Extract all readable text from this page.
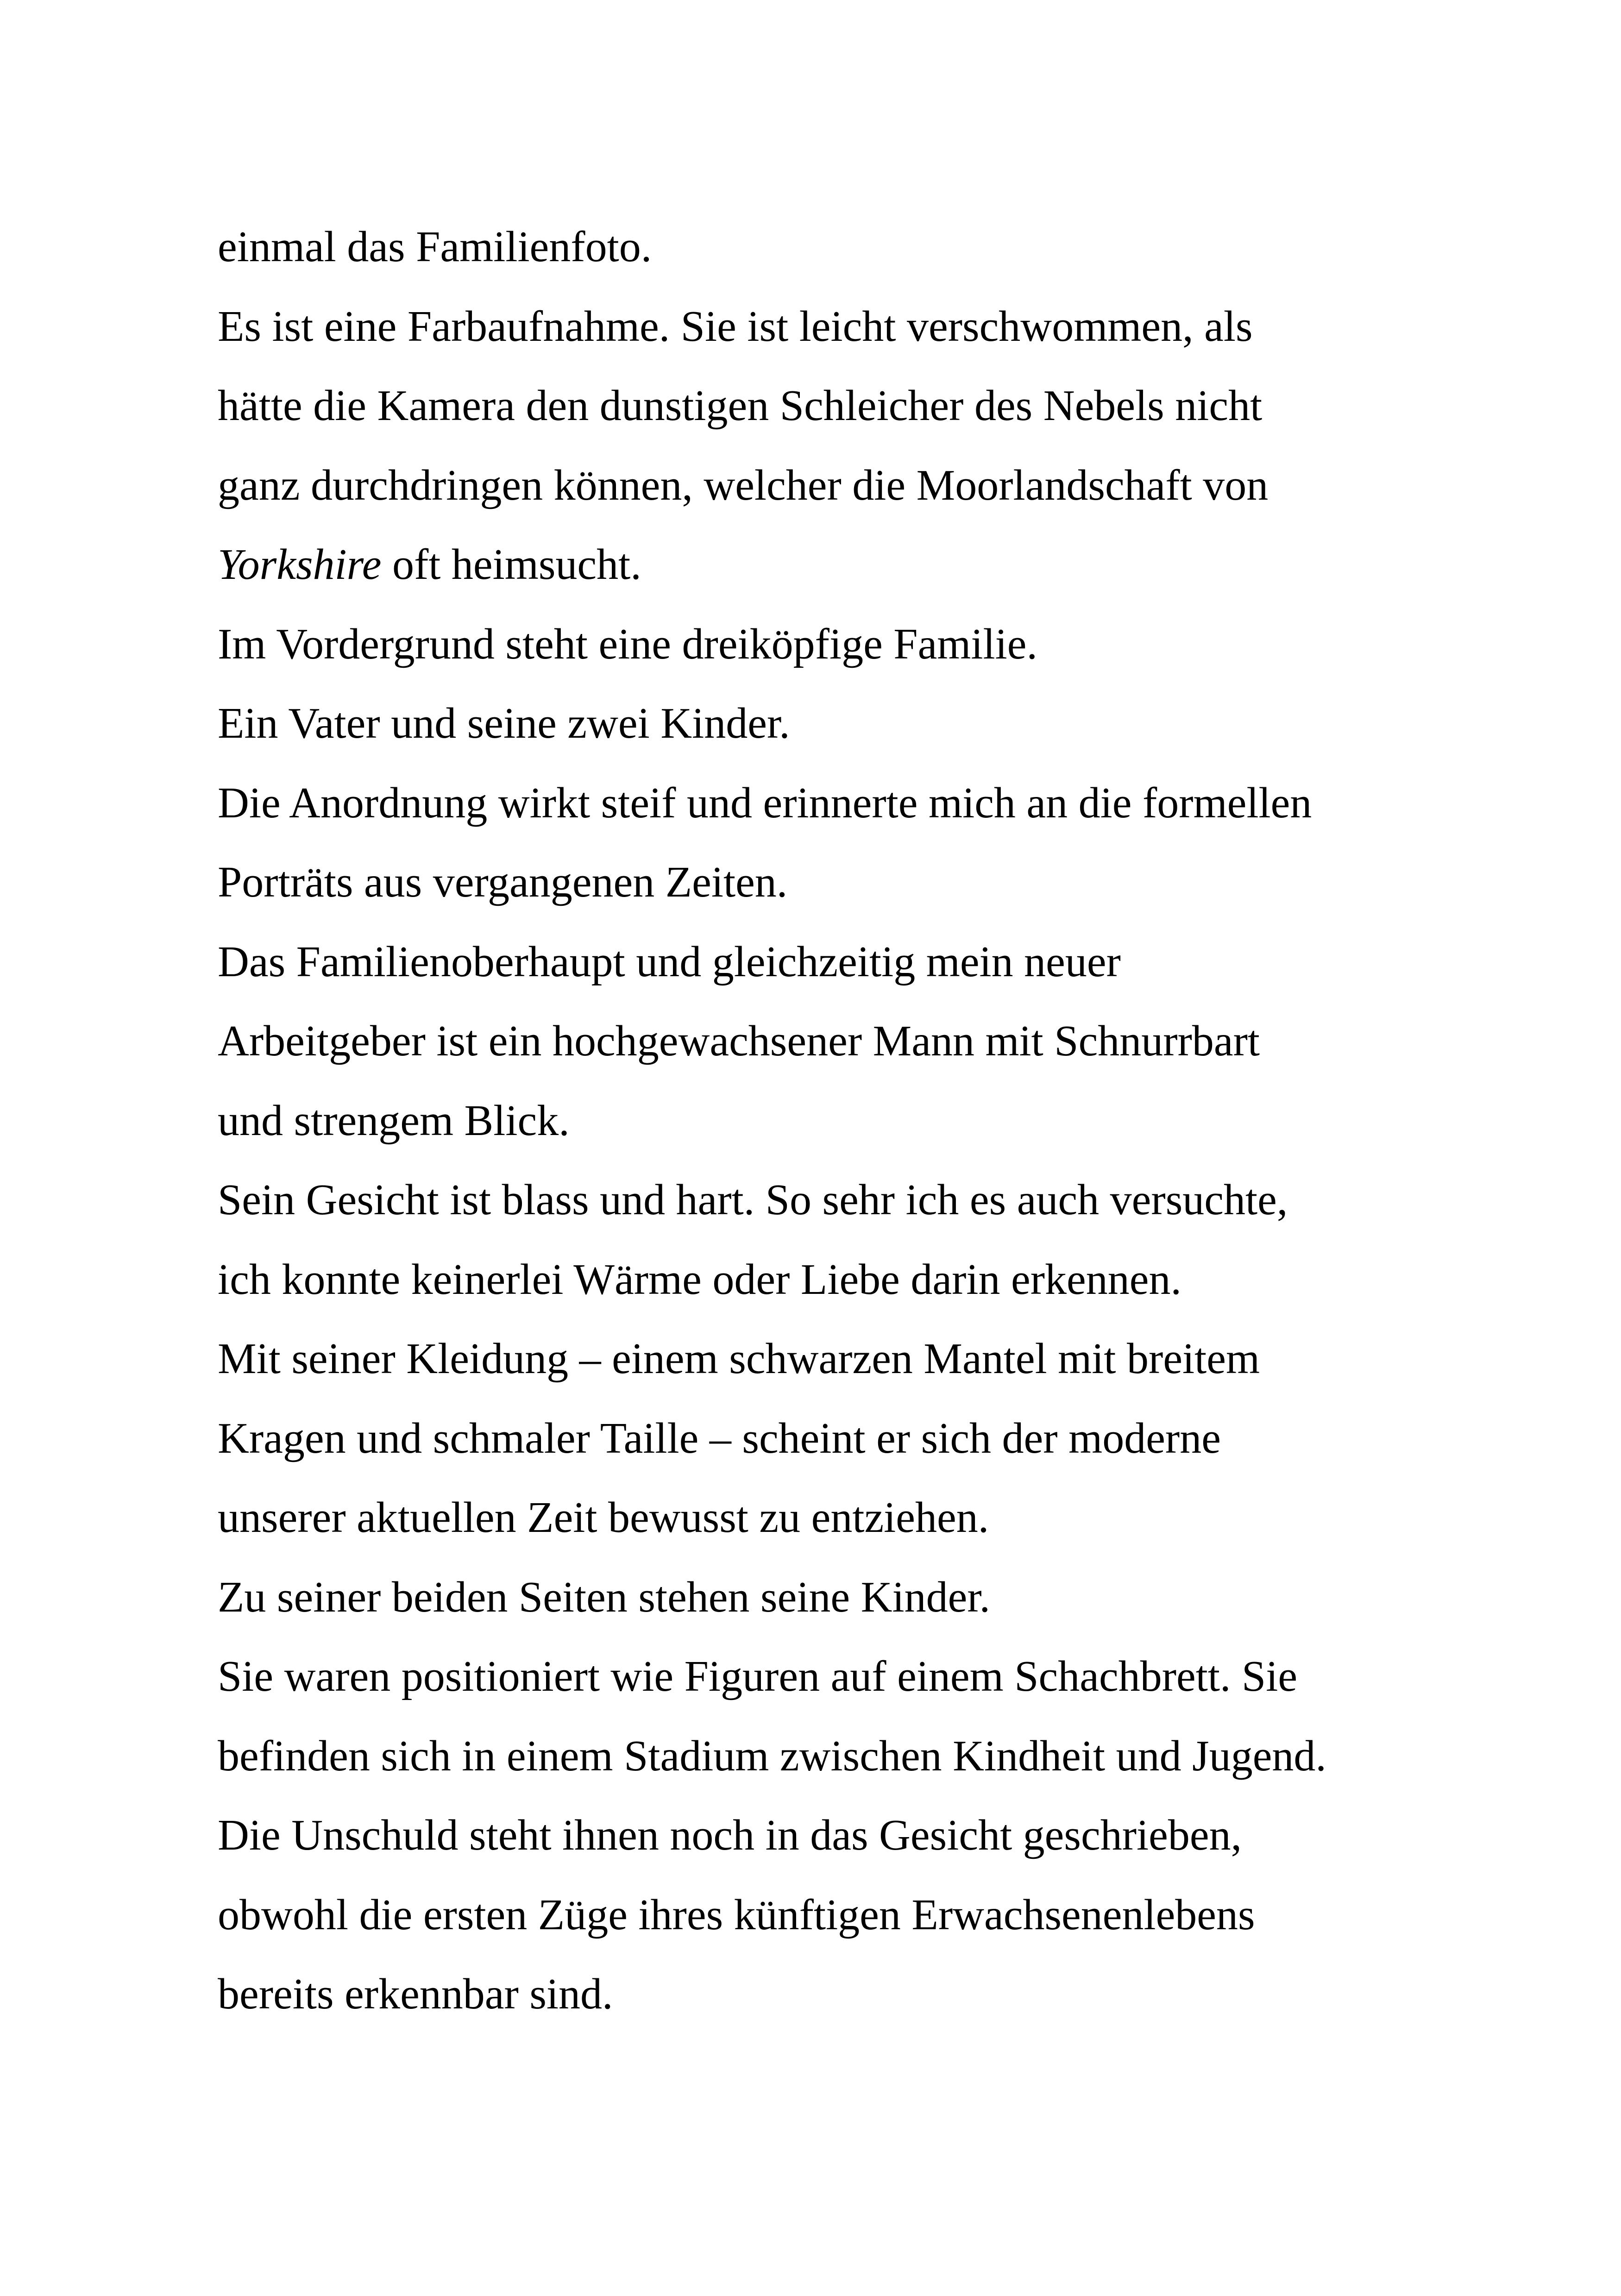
einmal das Familienfoto.
Es ist eine Farbaufnahme. Sie ist leicht verschwommen, als
hätte die Kamera den dunstigen Schleicher des Nebels nicht
ganz durchdringen können, welcher die Moorlandschaft von
Yorkshire oft heimsucht.
Im Vordergrund steht eine dreiköpfige Familie.
Ein Vater und seine zwei Kinder.
Die Anordnung wirkt steif und erinnerte mich an die formellen
Porträts aus vergangenen Zeiten.
Das Familienoberhaupt und gleichzeitig mein neuer
Arbeitgeber ist ein hochgewachsener Mann mit Schnurrbart
und strengem Blick.
Sein Gesicht ist blass und hart. So sehr ich es auch versuchte,
ich konnte keinerlei Wärme oder Liebe darin erkennen.
Mit seiner Kleidung – einem schwarzen Mantel mit breitem
Kragen und schmaler Taille – scheint er sich der moderne
unserer aktuellen Zeit bewusst zu entziehen.
Zu seiner beiden Seiten stehen seine Kinder.
Sie waren positioniert wie Figuren auf einem Schachbrett. Sie
befinden sich in einem Stadium zwischen Kindheit und Jugend.
Die Unschuld steht ihnen noch in das Gesicht geschrieben,
obwohl die ersten Züge ihres künftigen Erwachsenenlebens
bereits erkennbar sind.
